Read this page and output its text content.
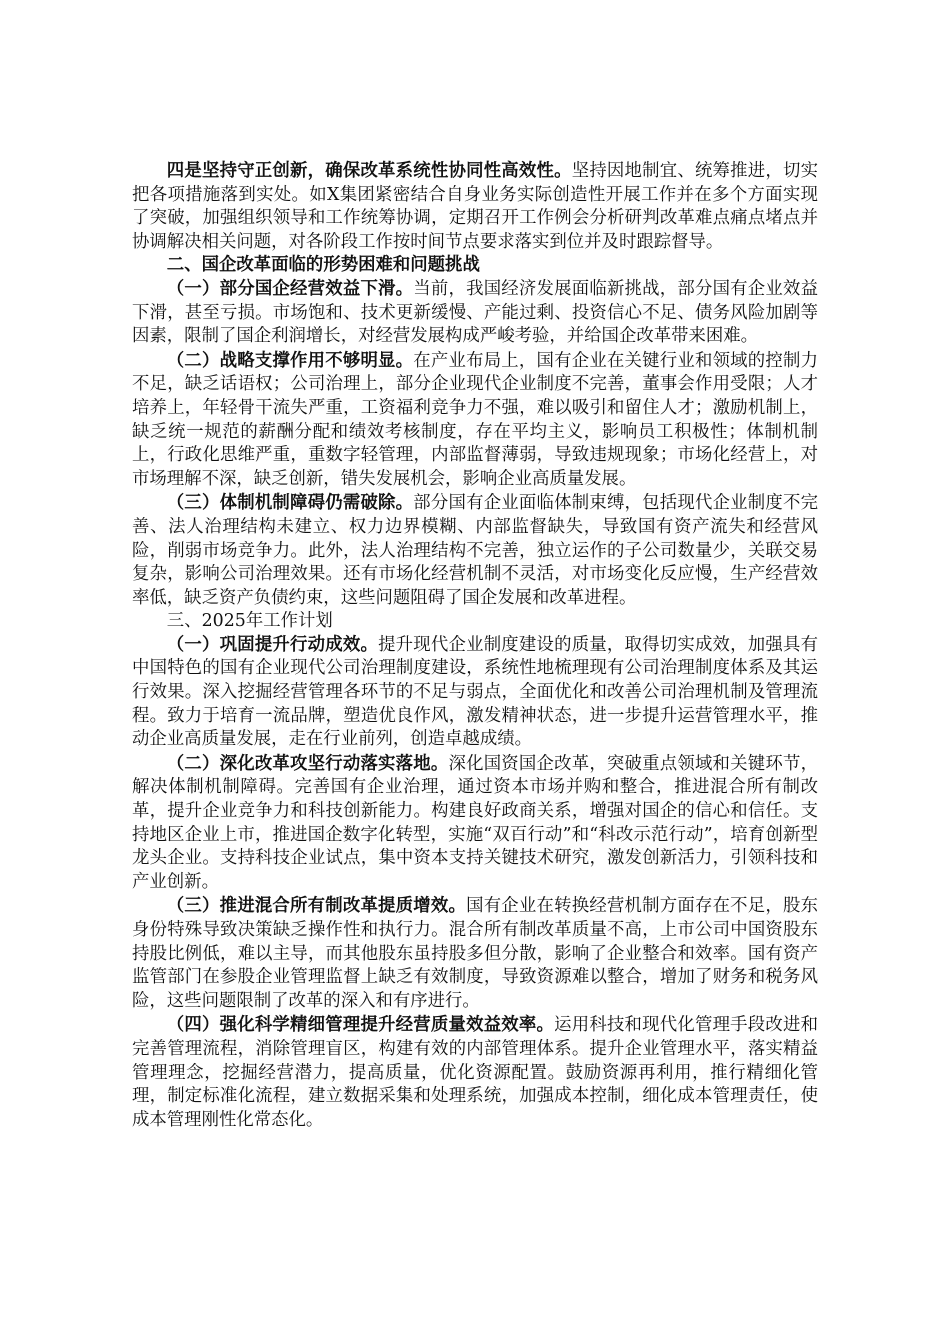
四是坚持守正创新，确保改革系统性协同性高效性。坚持因地制宜、统筹推进，切实把各项措施落到实处。如X集团紧密结合自身业务实际创造性开展工作并在多个方面实现了突破，加强组织领导和工作统筹协调，定期召开工作例会分析研判改革难点痛点堵点并协调解决相关问题，对各阶段工作按时间节点要求落实到位并及时跟踪督导。

二、国企改革面临的形势困难和问题挑战

（一）部分国企经营效益下滑。当前，我国经济发展面临新挑战，部分国有企业效益下滑，甚至亏损。市场饱和、技术更新缓慢、产能过剩、投资信心不足、债务风险加剧等因素，限制了国企利润增长，对经营发展构成严峻考验，并给国企改革带来困难。

（二）战略支撑作用不够明显。在产业布局上，国有企业在关键行业和领域的控制力不足，缺乏话语权；公司治理上，部分企业现代企业制度不完善，董事会作用受限；人才培养上，年轻骨干流失严重，工资福利竞争力不强，难以吸引和留住人才；激励机制上，缺乏统一规范的薪酬分配和绩效考核制度，存在平均主义，影响员工积极性；体制机制上，行政化思维严重，重数字轻管理，内部监督薄弱，导致违规现象；市场化经营上，对市场理解不深，缺乏创新，错失发展机会，影响企业高质量发展。

（三）体制机制障碍仍需破除。部分国有企业面临体制束缚，包括现代企业制度不完善、法人治理结构未建立、权力边界模糊、内部监督缺失，导致国有资产流失和经营风险，削弱市场竞争力。此外，法人治理结构不完善，独立运作的子公司数量少，关联交易复杂，影响公司治理效果。还有市场化经营机制不灵活，对市场变化反应慢，生产经营效率低，缺乏资产负债约束，这些问题阻碍了国企发展和改革进程。

三、2025年工作计划

（一）巩固提升行动成效。提升现代企业制度建设的质量，取得切实成效，加强具有中国特色的国有企业现代公司治理制度建设，系统性地梳理现有公司治理制度体系及其运行效果。深入挖掘经营管理各环节的不足与弱点，全面优化和改善公司治理机制及管理流程。致力于培育一流品牌，塑造优良作风，激发精神状态，进一步提升运营管理水平，推动企业高质量发展，走在行业前列，创造卓越成绩。

（二）深化改革攻坚行动落实落地。深化国资国企改革，突破重点领域和关键环节，解决体制机制障碍。完善国有企业治理，通过资本市场并购和整合，推进混合所有制改革，提升企业竞争力和科技创新能力。构建良好政商关系，增强对国企的信心和信任。支持地区企业上市，推进国企数字化转型，实施“双百行动”和“科改示范行动”，培育创新型龙头企业。支持科技企业试点，集中资本支持关键技术研究，激发创新活力，引领科技和产业创新。

（三）推进混合所有制改革提质增效。国有企业在转换经营机制方面存在不足，股东身份特殊导致决策缺乏操作性和执行力。混合所有制改革质量不高，上市公司中国资股东持股比例低，难以主导，而其他股东虽持股多但分散，影响了企业整合和效率。国有资产监管部门在参股企业管理监督上缺乏有效制度，导致资源难以整合，增加了财务和税务风险，这些问题限制了改革的深入和有序进行。

（四）强化科学精细管理提升经营质量效益效率。运用科技和现代化管理手段改进和完善管理流程，消除管理盲区，构建有效的内部管理体系。提升企业管理水平，落实精益管理理念，挖掘经营潜力，提高质量，优化资源配置。鼓励资源再利用，推行精细化管理，制定标准化流程，建立数据采集和处理系统，加强成本控制，细化成本管理责任，使成本管理刚性化常态化。
